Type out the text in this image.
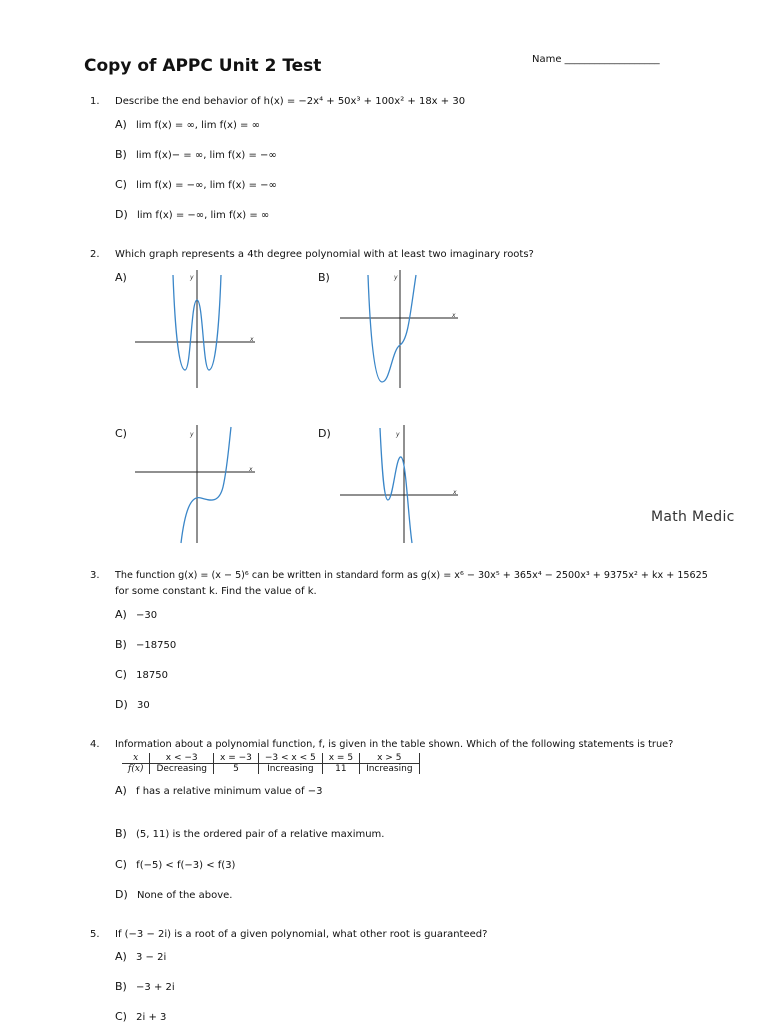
Copy of APPC Unit 2 Test	Name ___________________
1. Describe the end behavior of h(x) = −2x⁴ + 50x³ + 100x² + 18x + 30
A) lim f(x) = ∞, lim f(x) = ∞
B) lim f(x)− = ∞, lim f(x) = −∞
C) lim f(x) = −∞, lim f(x) = −∞
D) lim f(x) = −∞, lim f(x) = ∞
2. Which graph represents a 4th degree polynomial with at least two imaginary roots?
A)	B)
C)	D)
x
y
x
y
x
y
x
y
Math Medic
3. The function g(x) = (x − 5)⁶ can be written in standard form as g(x) = x⁶ − 30x⁵ + 365x⁴ − 2500x³ + 9375x² + kx + 15625
for some constant k. Find the value of k.
A) −30
B) −18750
C) 18750
D) 30
4. Information about a polynomial function, f, is given in the table shown. Which of the following statements is true?
x	x < −3	x = −3	−3 < x < 5	x = 5	x > 5
f(x)	Decreasing	5	Increasing	11	Increasing
A) f has a relative minimum value of −3
B) (5, 11) is the ordered pair of a relative maximum.
C) f(−5) < f(−3) < f(3)
D) None of the above.
5. If (−3 − 2i) is a root of a given polynomial, what other root is guaranteed?
A) 3 − 2i
B) −3 + 2i
C) 2i + 3
